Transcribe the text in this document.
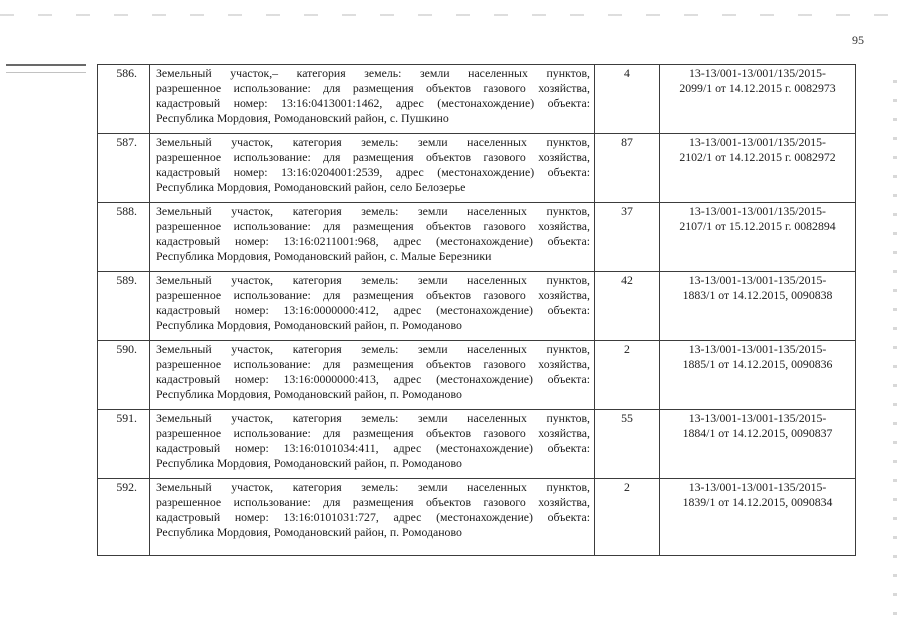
95
586.	Земельный участок,– категория земель: земли населенных пунктов,
разрешенное использование: для размещения объектов газового хозяйства,
кадастровый номер: 13:16:0413001:1462, адрес (местонахождение) объекта:
Республика Мордовия, Ромодановский район, с. Пушкино	4	13-13/001-13/001/135/2015-
2099/1 от 14.12.2015 г. 0082973

587.	Земельный участок, категория земель: земли населенных пунктов,
разрешенное использование: для размещения объектов газового хозяйства,
кадастровый номер: 13:16:0204001:2539, адрес (местонахождение) объекта:
Республика Мордовия, Ромодановский район, село Белозерье	87	13-13/001-13/001/135/2015-
2102/1 от 14.12.2015 г. 0082972

588.	Земельный участок, категория земель: земли населенных пунктов,
разрешенное использование: для размещения объектов газового хозяйства,
кадастровый номер: 13:16:0211001:968, адрес (местонахождение) объекта:
Республика Мордовия, Ромодановский район, с. Малые Березники	37	13-13/001-13/001/135/2015-
2107/1 от 15.12.2015 г. 0082894

589.	Земельный участок, категория земель: земли населенных пунктов,
разрешенное использование: для размещения объектов газового хозяйства,
кадастровый номер: 13:16:0000000:412, адрес (местонахождение) объекта:
Республика Мордовия, Ромодановский район, п. Ромоданово	42	13-13/001-13/001-135/2015-
1883/1 от 14.12.2015, 0090838

590.	Земельный участок, категория земель: земли населенных пунктов,
разрешенное использование: для размещения объектов газового хозяйства,
кадастровый номер: 13:16:0000000:413, адрес (местонахождение) объекта:
Республика Мордовия, Ромодановский район, п. Ромоданово	2	13-13/001-13/001-135/2015-
1885/1 от 14.12.2015, 0090836

591.	Земельный участок, категория земель: земли населенных пунктов,
разрешенное использование: для размещения объектов газового хозяйства,
кадастровый номер: 13:16:0101034:411, адрес (местонахождение) объекта:
Республика Мордовия, Ромодановский район, п. Ромоданово	55	13-13/001-13/001-135/2015-
1884/1 от 14.12.2015, 0090837

592.	Земельный участок, категория земель: земли населенных пунктов,
разрешенное использование: для размещения объектов газового хозяйства,
кадастровый номер: 13:16:0101031:727, адрес (местонахождение) объекта:
Республика Мордовия, Ромодановский район, п. Ромоданово	2	13-13/001-13/001-135/2015-
1839/1 от 14.12.2015, 0090834
